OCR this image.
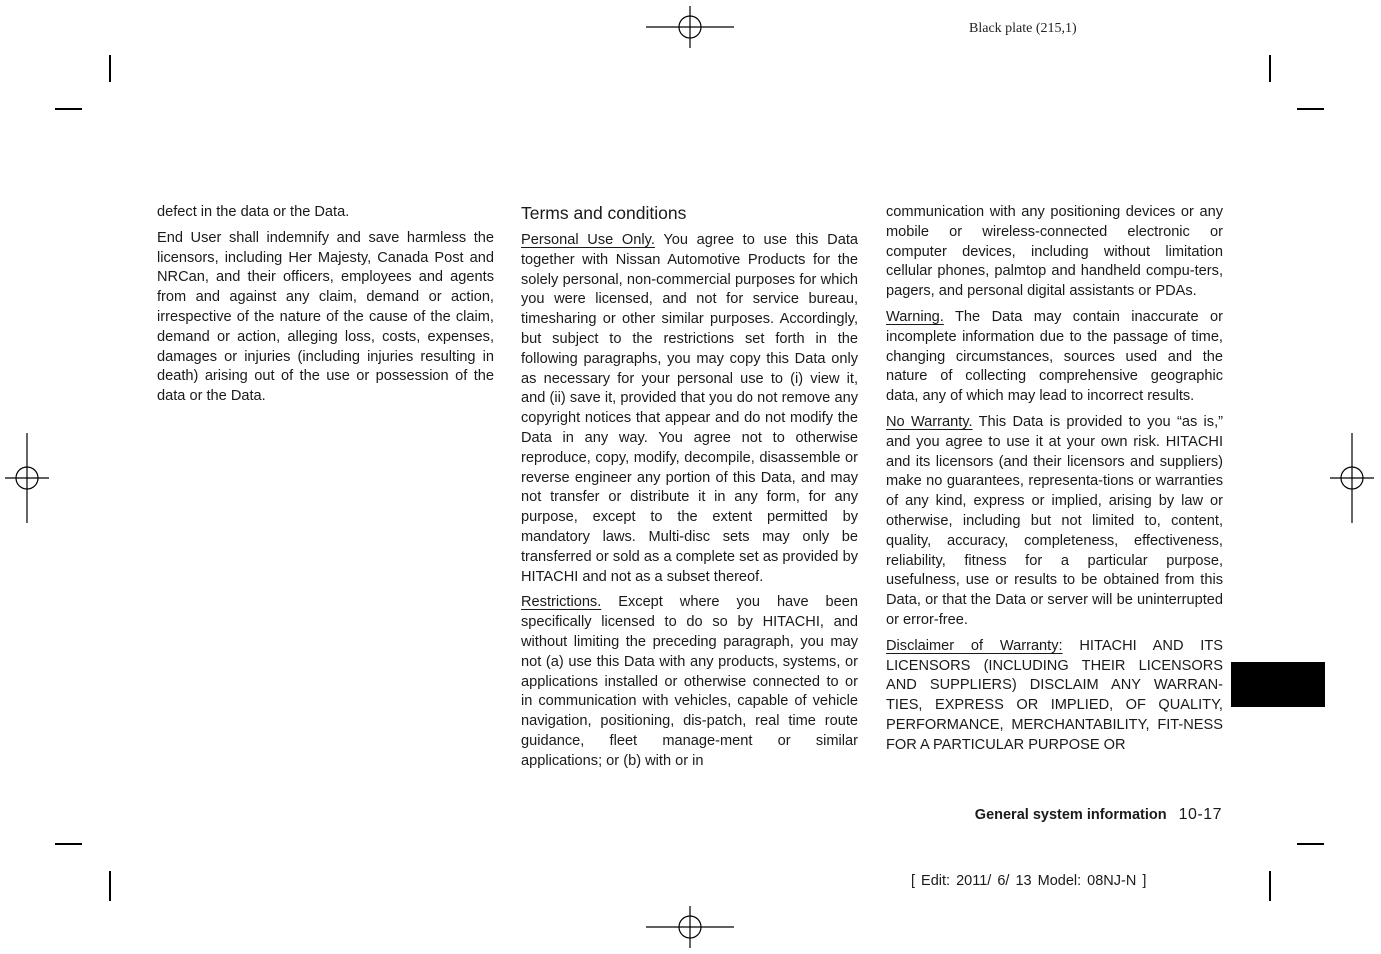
Black plate (215,1)

defect in the data or the Data.

End User shall indemnify and save harmless the licensors, including Her Majesty, Canada Post and NRCan, and their officers, employees and agents from and against any claim, demand or action, irrespective of the nature of the cause of the claim, demand or action, alleging loss, costs, expenses, damages or injuries (including injuries resulting in death) arising out of the use or possession of the data or the Data.

Terms and conditions

Personal Use Only. You agree to use this Data together with Nissan Automotive Products for the solely personal, non-commercial purposes for which you were licensed, and not for service bureau, timesharing or other similar purposes. Accordingly, but subject to the restrictions set forth in the following paragraphs, you may copy this Data only as necessary for your personal use to (i) view it, and (ii) save it, provided that you do not remove any copyright notices that appear and do not modify the Data in any way. You agree not to otherwise reproduce, copy, modify, decompile, disassemble or reverse engineer any portion of this Data, and may not transfer or distribute it in any form, for any purpose, except to the extent permitted by mandatory laws. Multi-disc sets may only be transferred or sold as a complete set as provided by HITACHI and not as a subset thereof.

Restrictions. Except where you have been specifically licensed to do so by HITACHI, and without limiting the preceding paragraph, you may not (a) use this Data with any products, systems, or applications installed or otherwise connected to or in communication with vehicles, capable of vehicle navigation, positioning, dis-patch, real time route guidance, fleet manage-ment or similar applications; or (b) with or in

communication with any positioning devices or any mobile or wireless-connected electronic or computer devices, including without limitation cellular phones, palmtop and handheld compu-ters, pagers, and personal digital assistants or PDAs.

Warning. The Data may contain inaccurate or incomplete information due to the passage of time, changing circumstances, sources used and the nature of collecting comprehensive geographic data, any of which may lead to incorrect results.

No Warranty. This Data is provided to you “as is,” and you agree to use it at your own risk. HITACHI and its licensors (and their licensors and suppliers) make no guarantees, representa-tions or warranties of any kind, express or implied, arising by law or otherwise, including but not limited to, content, quality, accuracy, completeness, effectiveness, reliability, fitness for a particular purpose, usefulness, use or results to be obtained from this Data, or that the Data or server will be uninterrupted or error-free.

Disclaimer of Warranty: HITACHI AND ITS LICENSORS (INCLUDING THEIR LICENSORS AND SUPPLIERS) DISCLAIM ANY WARRAN-TIES, EXPRESS OR IMPLIED, OF QUALITY, PERFORMANCE, MERCHANTABILITY, FIT-NESS FOR A PARTICULAR PURPOSE OR

General system information 10-17
[ Edit: 2011/ 6/ 13 Model: 08NJ-N ]
